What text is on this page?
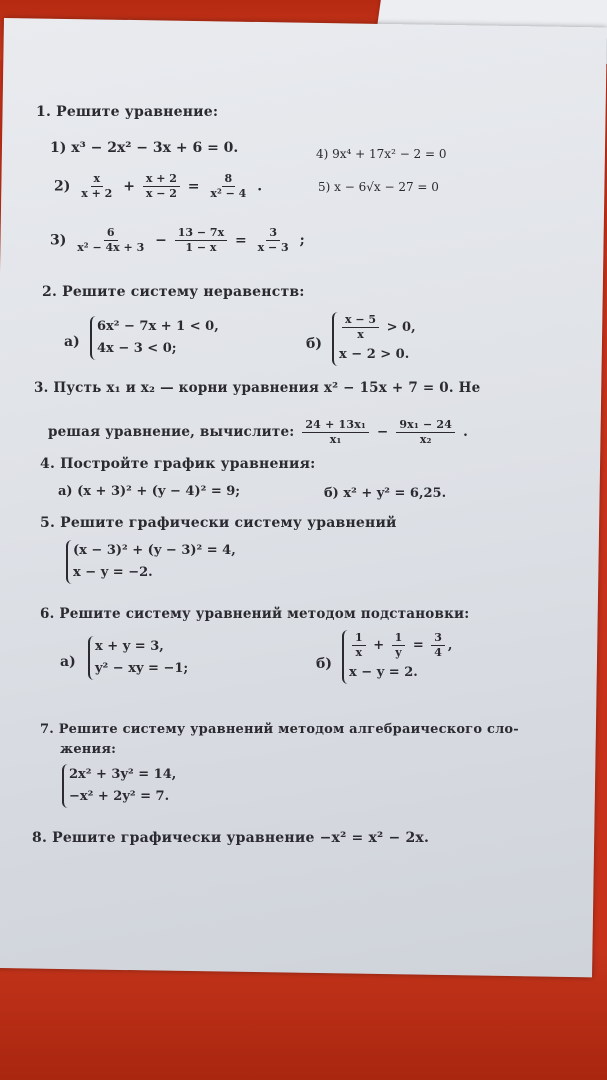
1. Решите уравнение:
1) x³ − 2x² − 3x + 6 = 0.	4) 9x⁴ + 17x² − 2 = 0
$2) \frac{x}{x + 2} + \frac{x + 2}{x - 2} = \frac{8}{\text{x² − 4}}$ .	5) x − 6√x − 27 = 0
$3) \frac{6}{\text{x² − 4x + 3}} - \frac{13 - 7x}{1 - x} = \frac{3}{x - 3}$ ;
2. Решите систему неравенств:
а)
6x² − 7x + 1 < 0,
4x − 3 < 0;	б)
$\frac{x - 5}{x} > 0$,
x − 2 > 0.
3. Пусть x₁ и x₂ — корни уравнения x² − 15x + 7 = 0. Не
решая уравнение, вычислите: $\frac{\text{24 + 13x₁}}{\text{x₁}} - \frac{\text{9x₁ − 24}}{\text{x₂}}$ .
4. Постройте график уравнения:
а) (x + 3)² + (y − 4)² = 9;	б) x² + y² = 6,25.
5. Решите графически систему уравнений
(x − 3)² + (y − 3)² = 4,
x − y = −2.
6. Решите систему уравнений методом подстановки:
а)
x + y = 3,
y² − xy = −1;	б)
$\frac{1}{x} + \frac{1}{y} = \frac{3}{4}$ ,
x − y = 2.
7. Решите систему уравнений методом алгебраического сло-
жения:
2x² + 3y² = 14,
−x² + 2y² = 7.
8. Решите графически уравнение −x² = x² − 2x.
